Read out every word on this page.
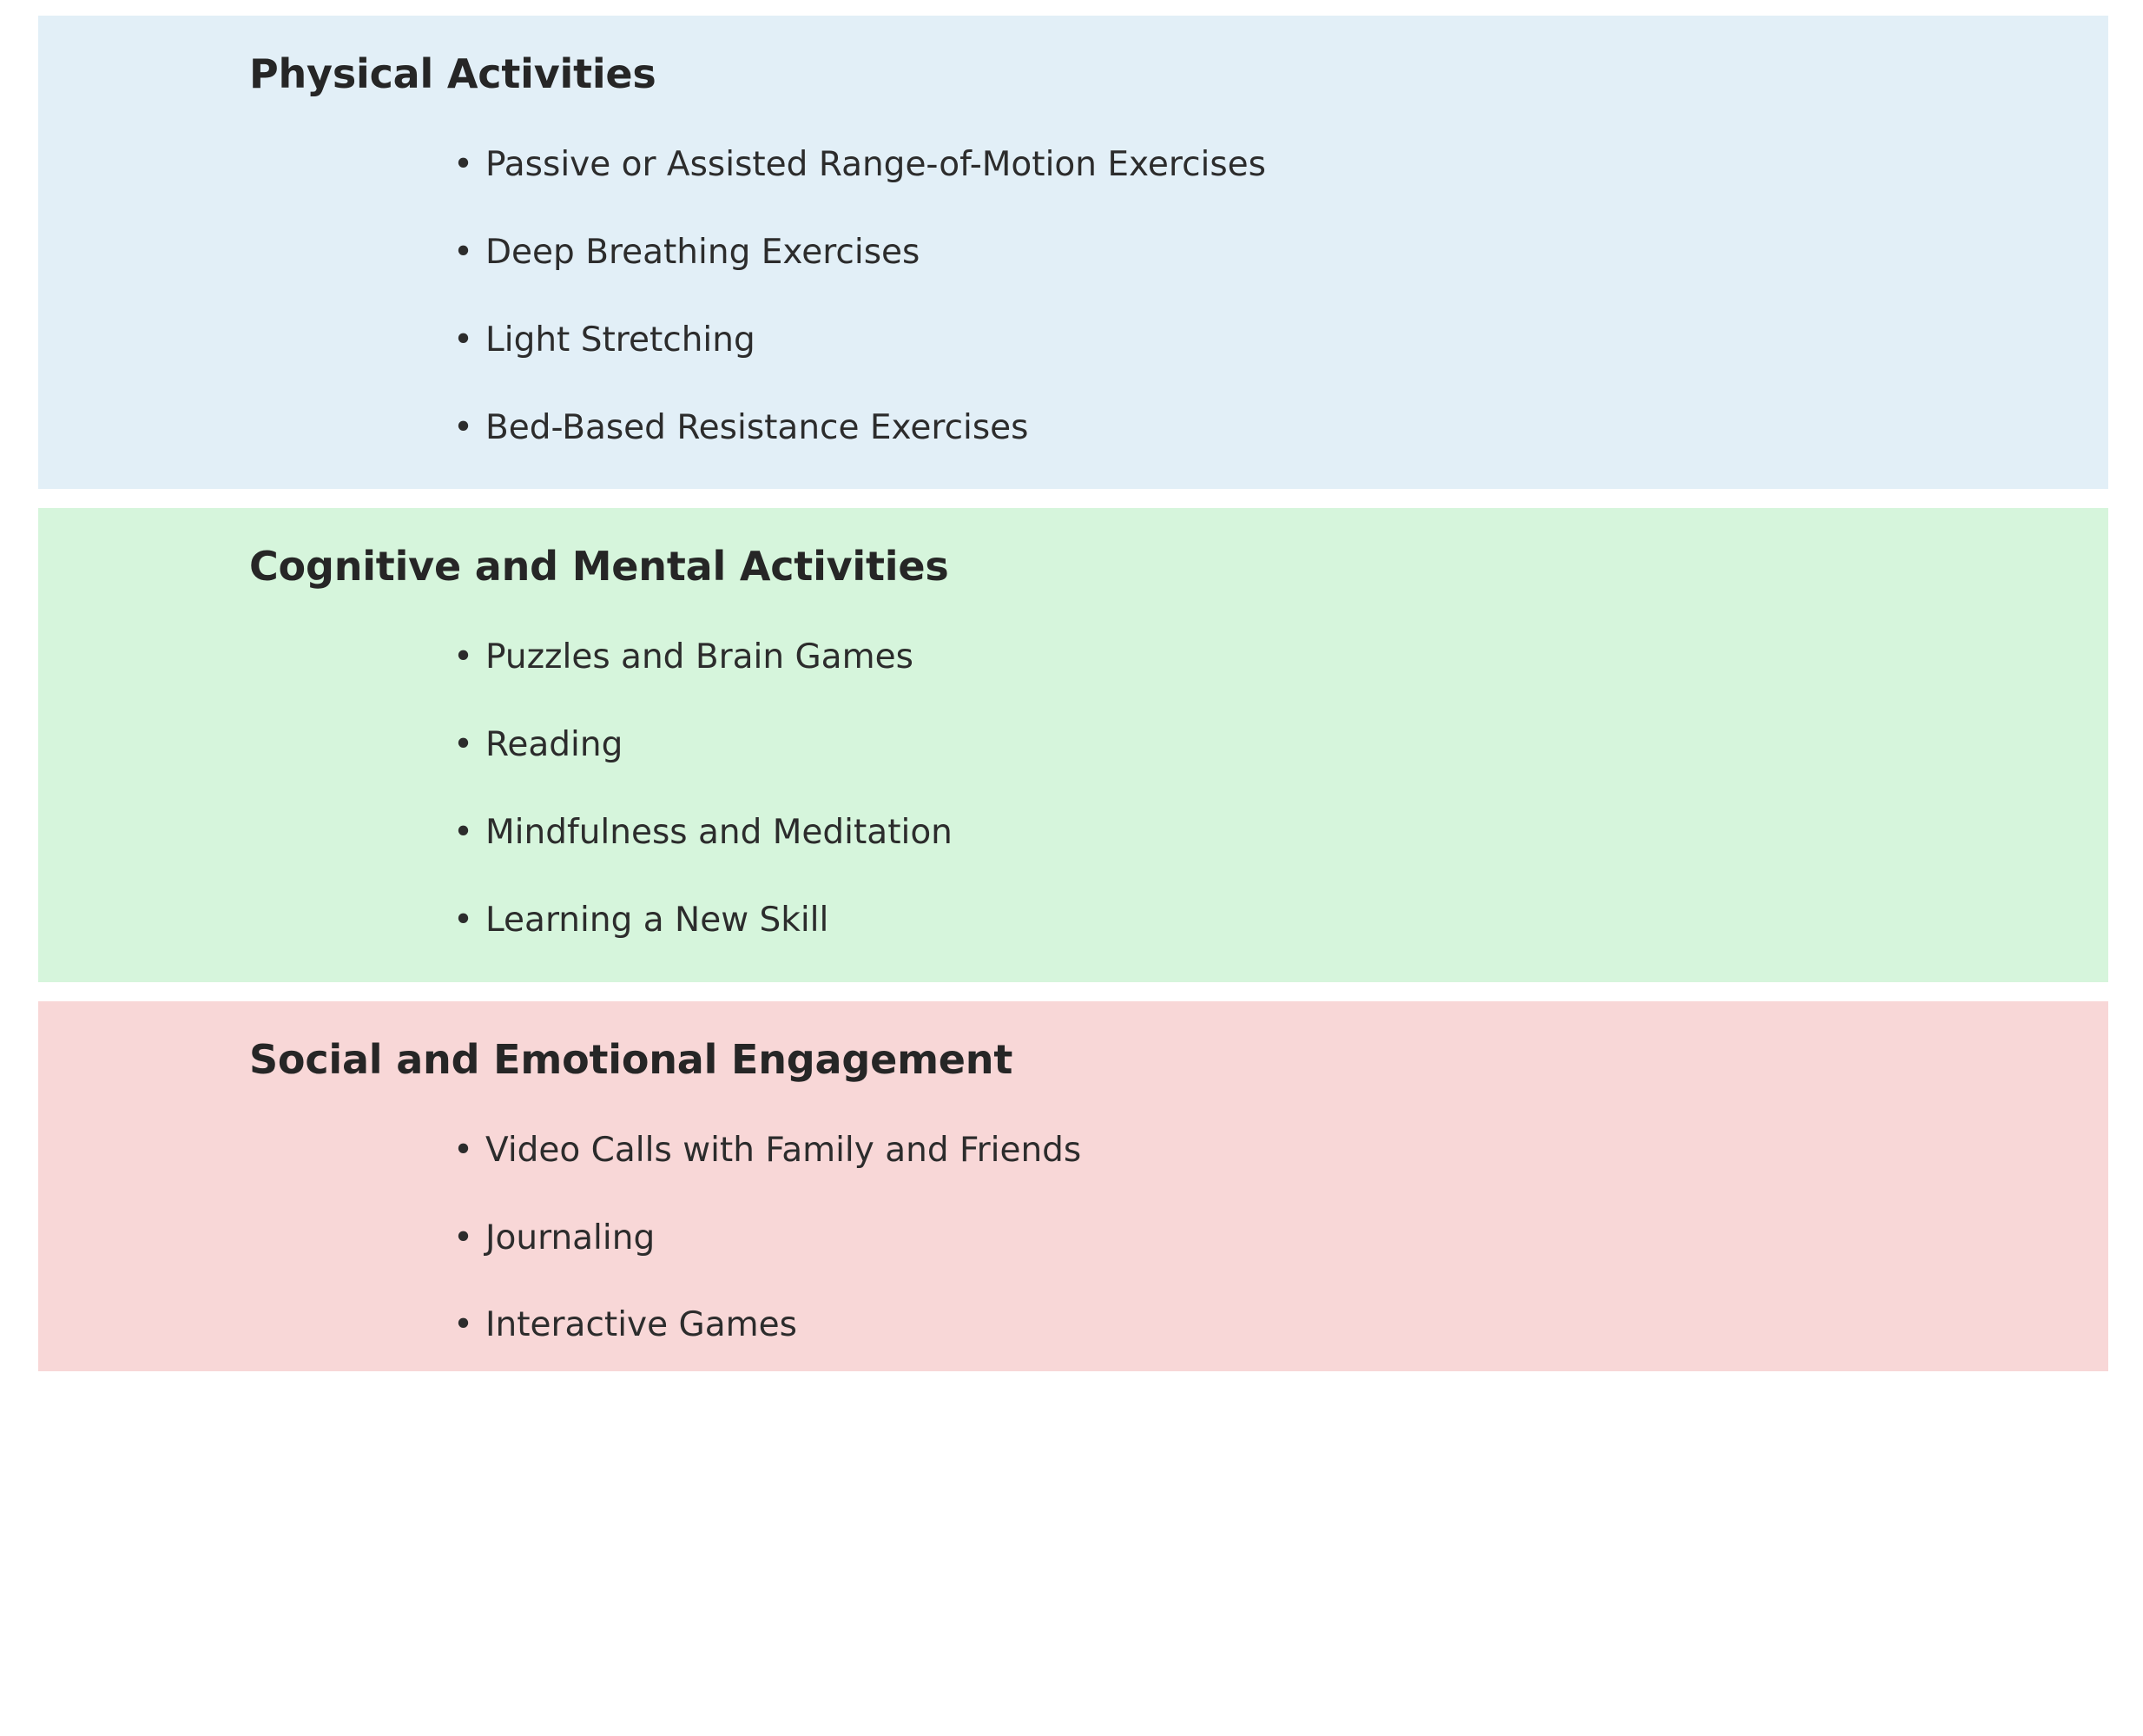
Physical Activities
• Passive or Assisted Range-of-Motion Exercises
• Deep Breathing Exercises
• Light Stretching
• Bed-Based Resistance Exercises
Cognitive and Mental Activities
• Puzzles and Brain Games
• Reading
• Mindfulness and Meditation
• Learning a New Skill
Social and Emotional Engagement
• Video Calls with Family and Friends
• Journaling
• Interactive Games
